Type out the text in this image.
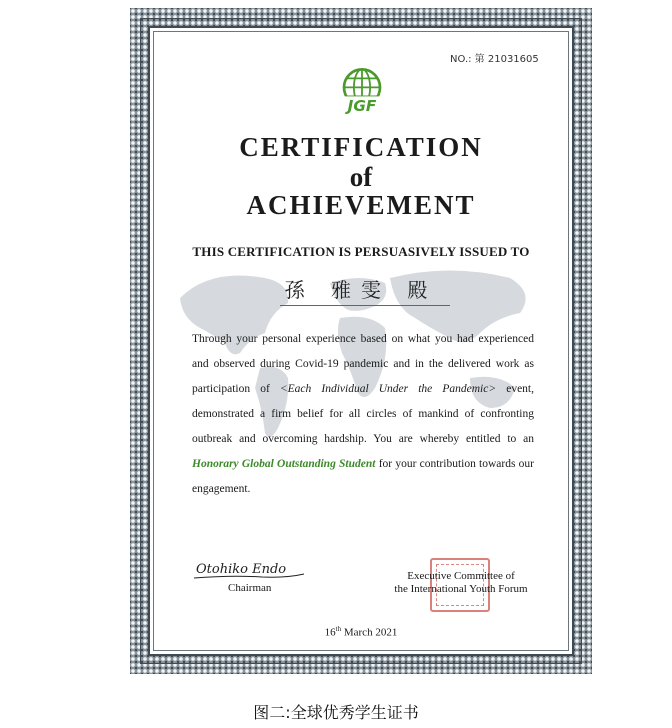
NO.: 第 21031605
JGF
CERTIFICATION
of
ACHIEVEMENT
THIS CERTIFICATION IS PERSUASIVELY ISSUED TO
孫 雅雯 殿
Through your personal experience based on what you had experienced and observed during Covid-19 pandemic and in the delivered work as participation of <Each Individual Under the Pandemic> event, demonstrated a firm belief for all circles of mankind of confronting outbreak and overcoming hardship. You are whereby entitled to an Honorary Global Outstanding Student for your contribution towards our engagement.
Otohiko Endo
Chairman
Executive Committee of
the International Youth Forum
16th March 2021
图二:全球优秀学生证书
